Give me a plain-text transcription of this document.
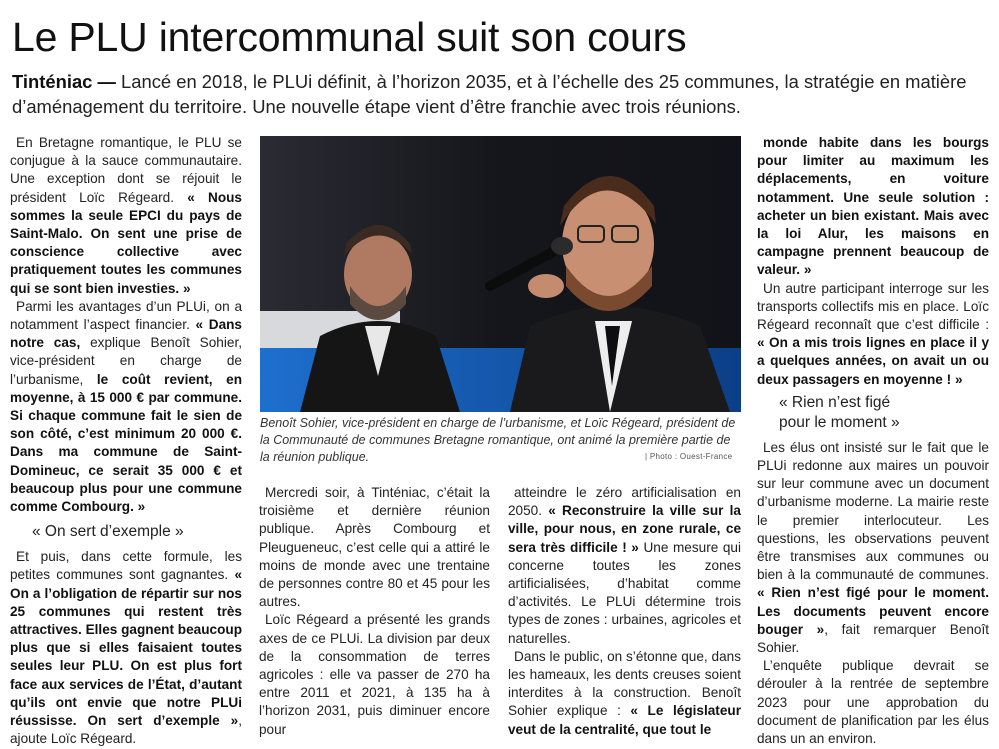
Le PLU intercommunal suit son cours
Tinténiac — Lancé en 2018, le PLUi définit, à l’horizon 2035, et à l’échelle des 25 communes, la stratégie en matière d’aménagement du territoire. Une nouvelle étape vient d’être franchie avec trois réunions.

En Bretagne romantique, le PLU se conjugue à la sauce communautaire. Une exception dont se réjouit le président Loïc Régeard. « Nous sommes la seule EPCI du pays de Saint-Malo. On sent une prise de conscience collective avec pratiquement toutes les communes qui se sont bien investies. »

Parmi les avantages d’un PLUi, on a notamment l’aspect financier. « Dans notre cas, explique Benoît Sohier, vice-président en charge de l’urbanisme, le coût revient, en moyenne, à 15 000 € par commune. Si chaque commune fait le sien de son côté, c’est minimum 20 000 €. Dans ma commune de Saint-Domineuc, ce serait 35 000 € et beaucoup plus pour une commune comme Combourg. »

« On sert d’exemple »

Et puis, dans cette formule, les petites communes sont gagnantes. « On a l’obligation de répartir sur nos 25 communes qui restent très attractives. Elles gagnent beaucoup plus que si elles faisaient toutes seules leur PLU. On est plus fort face aux services de l’État, d’autant qu’ils ont envie que notre PLUi réussisse. On sert d’exemple », ajoute Loïc Régeard.

Benoît Sohier, vice-président en charge de l’urbanisme, et Loïc Régeard, président de la Communauté de communes Bretagne romantique, ont animé la première partie de la réunion publique.	| Photo : Ouest-France

Mercredi soir, à Tinténiac, c’était la troisième et dernière réunion publique. Après Combourg et Pleugueneuc, c’est celle qui a attiré le moins de monde avec une trentaine de personnes contre 80 et 45 pour les autres.

Loïc Régeard a présenté les grands axes de ce PLUi. La division par deux de la consommation de terres agricoles : elle va passer de 270 ha entre 2011 et 2021, à 135 ha à l’horizon 2031, puis diminuer encore pour

atteindre le zéro artificialisation en 2050. « Reconstruire la ville sur la ville, pour nous, en zone rurale, ce sera très difficile ! » Une mesure qui concerne toutes les zones artificialisées, d’habitat comme d’activités. Le PLUi détermine trois types de zones : urbaines, agricoles et naturelles.

Dans le public, on s’étonne que, dans les hameaux, les dents creuses soient interdites à la construction. Benoît Sohier explique : « Le législateur veut de la centralité, que tout le

monde habite dans les bourgs pour limiter au maximum les déplacements, en voiture notamment. Une seule solution : acheter un bien existant. Mais avec la loi Alur, les maisons en campagne prennent beaucoup de valeur. »

Un autre participant interroge sur les transports collectifs mis en place. Loïc Régeard reconnaît que c’est difficile : « On a mis trois lignes en place il y a quelques années, on avait un ou deux passagers en moyenne ! »

« Rien n’est figé
pour le moment »

Les élus ont insisté sur le fait que le PLUi redonne aux maires un pouvoir sur leur commune avec un document d’urbanisme moderne. La mairie reste le premier interlocuteur. Les questions, les observations peuvent être transmises aux communes ou bien à la communauté de communes. « Rien n’est figé pour le moment. Les documents peuvent encore bouger », fait remarquer Benoît Sohier.

L’enquête publique devrait se dérouler à la rentrée de septembre 2023 pour une approbation du document de planification par les élus dans un an environ.
